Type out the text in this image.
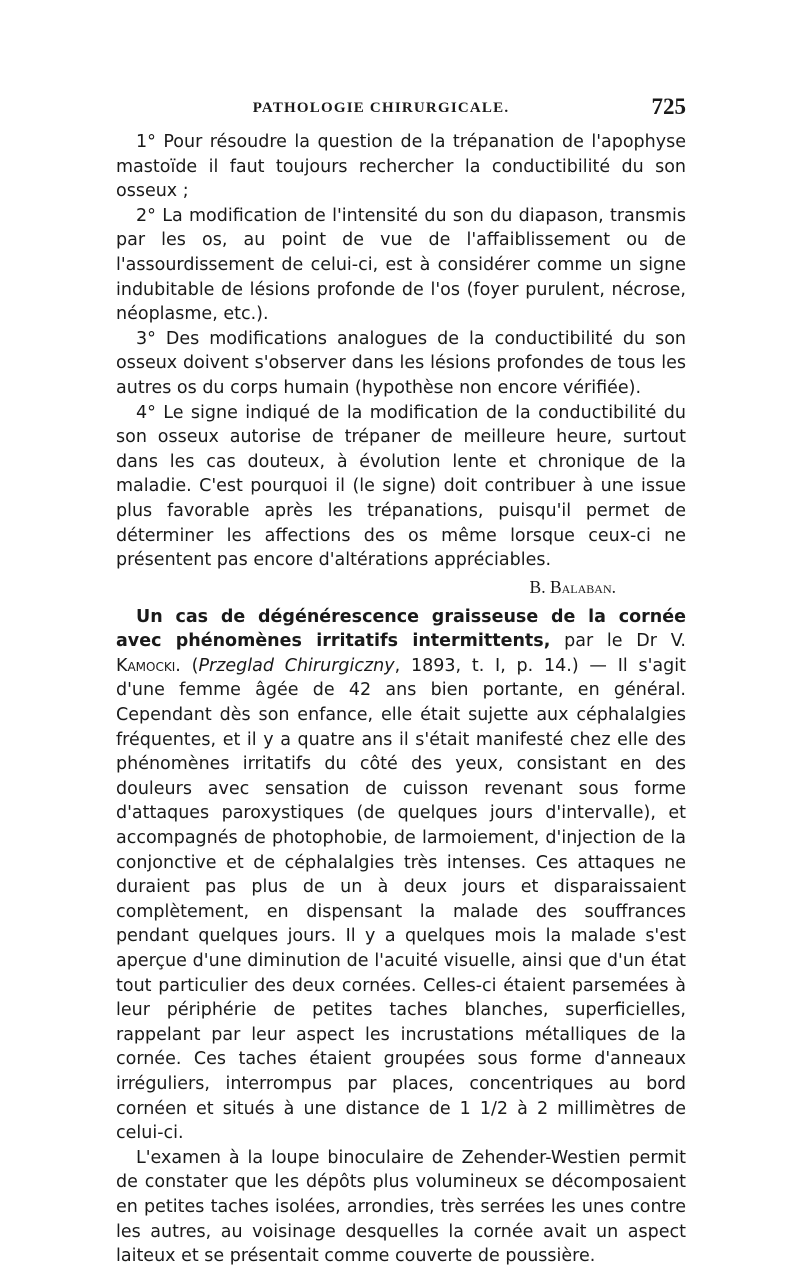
PATHOLOGIE CHIRURGICALE.	725

1° Pour résoudre la question de la trépanation de l'apophyse mastoïde il faut toujours rechercher la conductibilité du son osseux ;

2° La modification de l'intensité du son du diapason, transmis par les os, au point de vue de l'affaiblissement ou de l'assourdissement de celui-ci, est à considérer comme un signe indubitable de lésions profonde de l'os (foyer purulent, nécrose, néoplasme, etc.).

3° Des modifications analogues de la conductibilité du son osseux doivent s'observer dans les lésions profondes de tous les autres os du corps humain (hypothèse non encore vérifiée).

4° Le signe indiqué de la modification de la conductibilité du son osseux autorise de trépaner de meilleure heure, surtout dans les cas douteux, à évolution lente et chronique de la maladie. C'est pourquoi il (le signe) doit contribuer à une issue plus favorable après les trépanations, puisqu'il permet de déterminer les affections des os même lorsque ceux-ci ne présentent pas encore d'altérations appréciables.

B. Balaban.

Un cas de dégénérescence graisseuse de la cornée avec phénomènes irritatifs intermittents, par le Dr V. Kamocki. (Przeglad Chirurgiczny, 1893, t. I, p. 14.) — Il s'agit d'une femme âgée de 42 ans bien portante, en général. Cependant dès son enfance, elle était sujette aux céphalalgies fréquentes, et il y a quatre ans il s'était manifesté chez elle des phénomènes irritatifs du côté des yeux, consistant en des douleurs avec sensation de cuisson revenant sous forme d'attaques paroxystiques (de quelques jours d'intervalle), et accompagnés de photophobie, de larmoiement, d'injection de la conjonctive et de céphalalgies très intenses. Ces attaques ne duraient pas plus de un à deux jours et disparaissaient complètement, en dispensant la malade des souffrances pendant quelques jours. Il y a quelques mois la malade s'est aperçue d'une diminution de l'acuité visuelle, ainsi que d'un état tout particulier des deux cornées. Celles-ci étaient parsemées à leur périphérie de petites taches blanches, superficielles, rappelant par leur aspect les incrustations métalliques de la cornée. Ces taches étaient groupées sous forme d'anneaux irréguliers, interrompus par places, concentriques au bord cornéen et situés à une distance de 1 1/2 à 2 millimètres de celui-ci.

L'examen à la loupe binoculaire de Zehender-Westien permit de constater que les dépôts plus volumineux se décomposaient en petites taches isolées, arrondies, très serrées les unes contre les autres, au voisinage desquelles la cornée avait un aspect laiteux et se présentait comme couverte de poussière.
